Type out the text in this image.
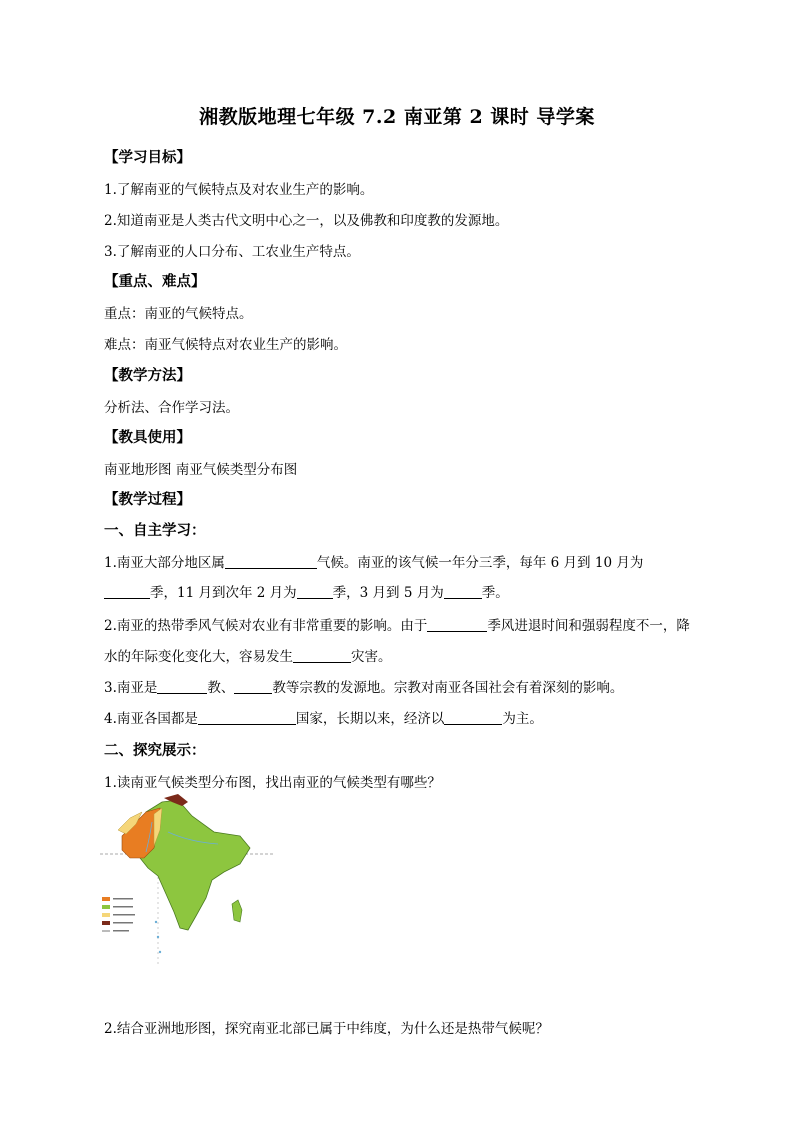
湘教版地理七年级 7.2 南亚第 2 课时 导学案
【学习目标】
1.了解南亚的气候特点及对农业生产的影响。
2.知道南亚是人类古代文明中心之一，以及佛教和印度教的发源地。
3.了解南亚的人口分布、工农业生产特点。
【重点、难点】
重点：南亚的气候特点。
难点：南亚气候特点对农业生产的影响。
【教学方法】
分析法、合作学习法。
【教具使用】
南亚地形图 南亚气候类型分布图
【教学过程】
一、自主学习：
1.南亚大部分地区属	气候。南亚的该气候一年分三季，每年 6 月到 10 月为
季，11 月到次年 2 月为	季，3 月到 5 月为	季。
2.南亚的热带季风气候对农业有非常重要的影响。由于	季风进退时间和强弱程度不一，降
水的年际变化变化大，容易发生	灾害。
3.南亚是	教、	教等宗教的发源地。宗教对南亚各国社会有着深刻的影响。
4.南亚各国都是	国家，长期以来，经济以	为主。
二、探究展示：
1.读南亚气候类型分布图，找出南亚的气候类型有哪些？
2.结合亚洲地形图，探究南亚北部已属于中纬度，为什么还是热带气候呢？
